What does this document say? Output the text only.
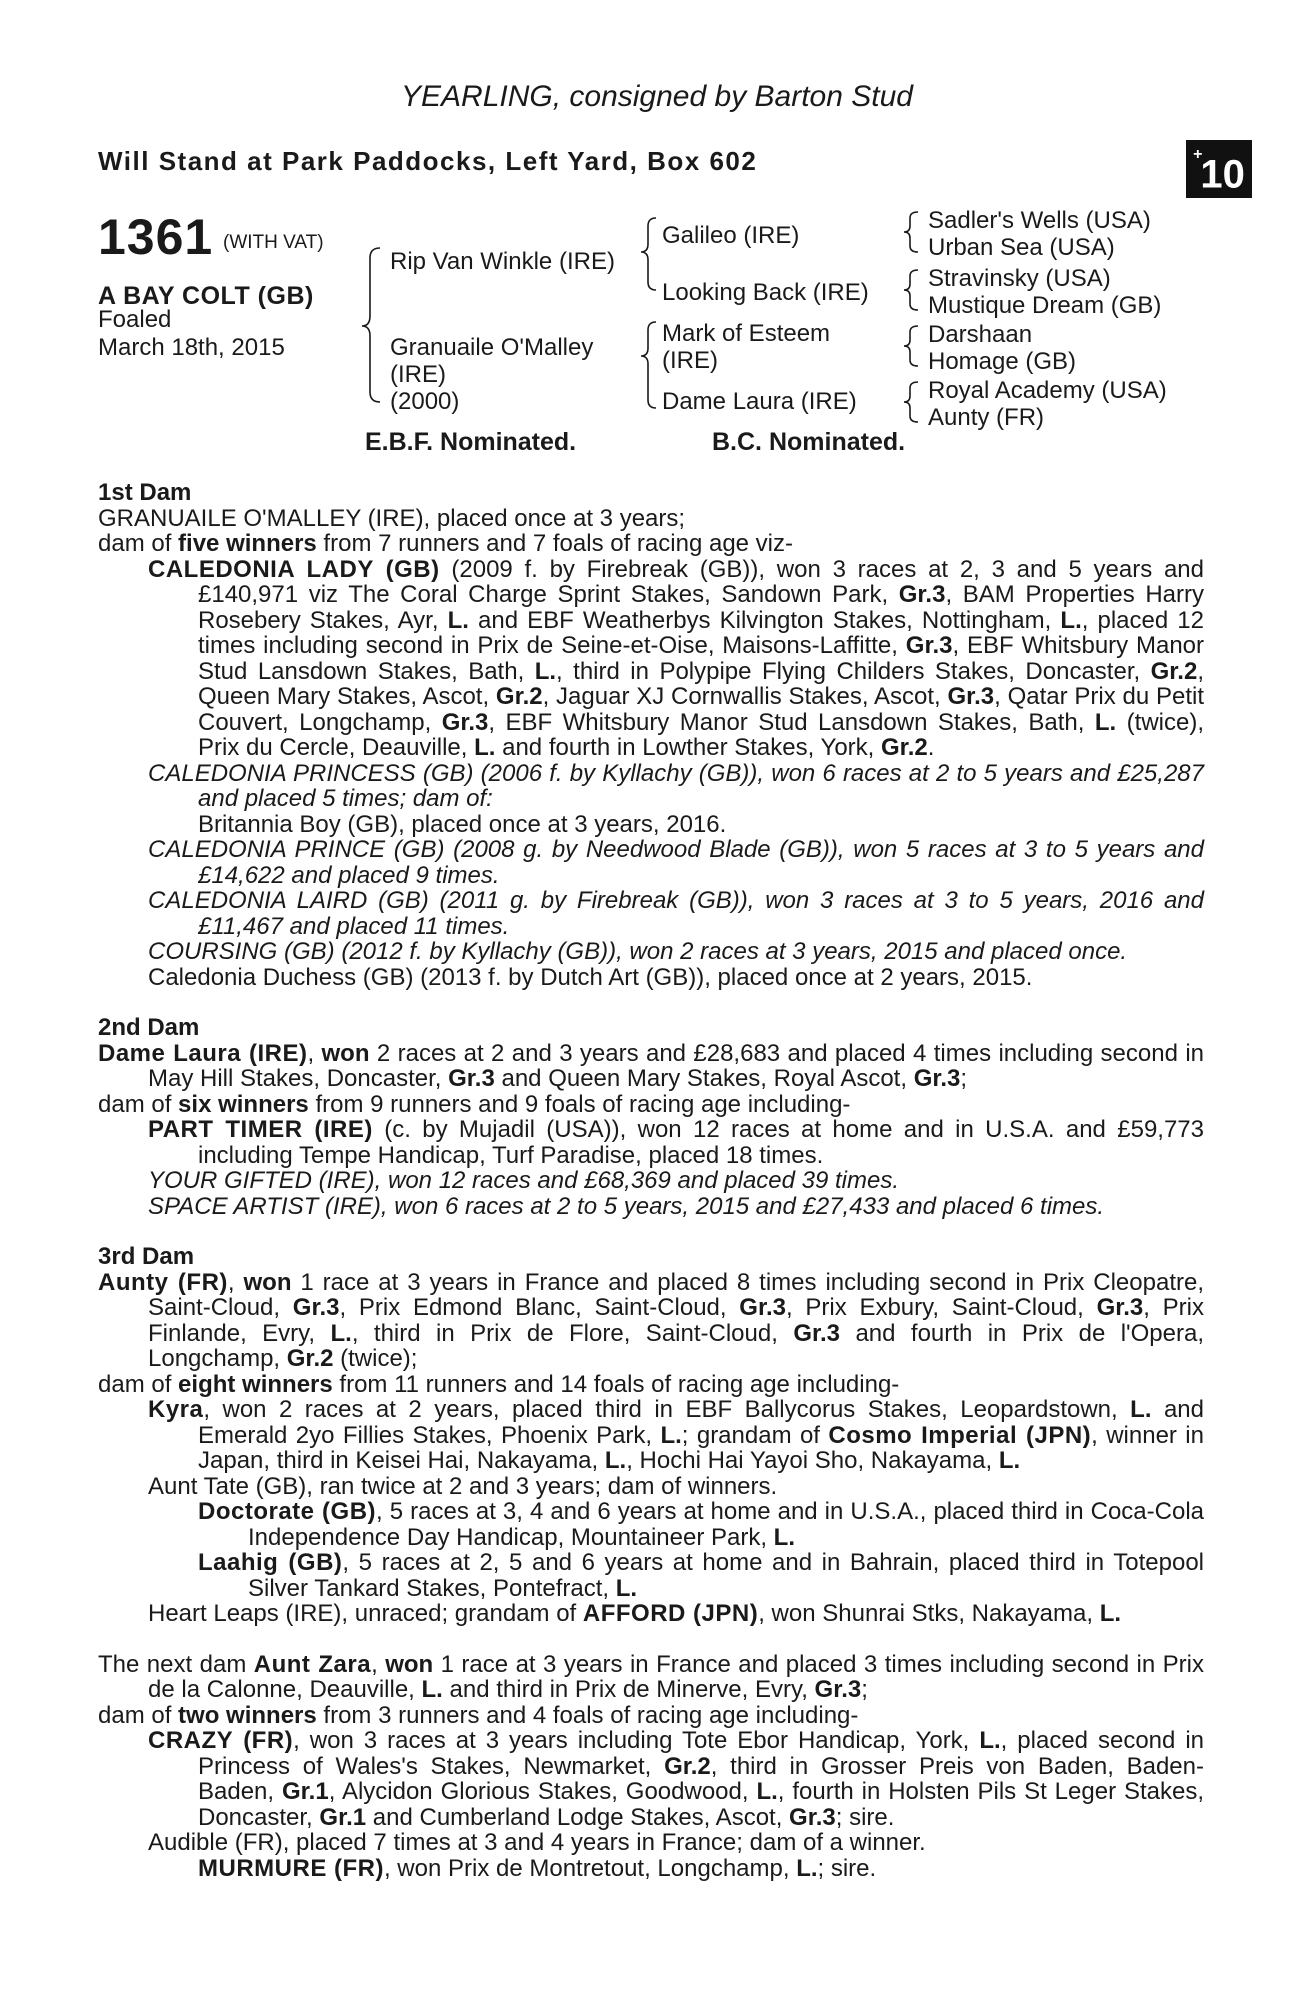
YEARLING, consigned by Barton Stud
Will Stand at Park Paddocks, Left Yard, Box 602	+10
1361 (WITH VAT)
A BAY COLT (GB)
Foaled
March 18th, 2015
Rip Van Winkle (IRE)
Granuaile O'Malley
(IRE)
(2000)
Galileo (IRE)
Looking Back (IRE)
Mark of Esteem
(IRE)
Dame Laura (IRE)
Sadler's Wells (USA)
Urban Sea (USA)
Stravinsky (USA)
Mustique Dream (GB)
Darshaan
Homage (GB)
Royal Academy (USA)
Aunty (FR)
E.B.F. Nominated.	B.C. Nominated.

1st Dam

GRANUAILE O'MALLEY (IRE), placed once at 3 years;

dam of five winners from 7 runners and 7 foals of racing age viz-

CALEDONIA LADY (GB) (2009 f. by Firebreak (GB)), won 3 races at 2, 3 and 5 years and £140,971 viz The Coral Charge Sprint Stakes, Sandown Park, Gr.3, BAM Properties Harry Rosebery Stakes, Ayr, L. and EBF Weatherbys Kilvington Stakes, Nottingham, L., placed 12 times including second in Prix de Seine-et-Oise, Maisons-Laffitte, Gr.3, EBF Whitsbury Manor Stud Lansdown Stakes, Bath, L., third in Polypipe Flying Childers Stakes, Doncaster, Gr.2, Queen Mary Stakes, Ascot, Gr.2, Jaguar XJ Cornwallis Stakes, Ascot, Gr.3, Qatar Prix du Petit Couvert, Longchamp, Gr.3, EBF Whitsbury Manor Stud Lansdown Stakes, Bath, L. (twice), Prix du Cercle, Deauville, L. and fourth in Lowther Stakes, York, Gr.2.

CALEDONIA PRINCESS (GB) (2006 f. by Kyllachy (GB)), won 6 races at 2 to 5 years and £25,287 and placed 5 times; dam of:

Britannia Boy (GB), placed once at 3 years, 2016.

CALEDONIA PRINCE (GB) (2008 g. by Needwood Blade (GB)), won 5 races at 3 to 5 years and £14,622 and placed 9 times.

CALEDONIA LAIRD (GB) (2011 g. by Firebreak (GB)), won 3 races at 3 to 5 years, 2016 and £11,467 and placed 11 times.

COURSING (GB) (2012 f. by Kyllachy (GB)), won 2 races at 3 years, 2015 and placed once.

Caledonia Duchess (GB) (2013 f. by Dutch Art (GB)), placed once at 2 years, 2015.

2nd Dam

Dame Laura (IRE), won 2 races at 2 and 3 years and £28,683 and placed 4 times including second in May Hill Stakes, Doncaster, Gr.3 and Queen Mary Stakes, Royal Ascot, Gr.3;

dam of six winners from 9 runners and 9 foals of racing age including-

PART TIMER (IRE) (c. by Mujadil (USA)), won 12 races at home and in U.S.A. and £59,773 including Tempe Handicap, Turf Paradise, placed 18 times.

YOUR GIFTED (IRE), won 12 races and £68,369 and placed 39 times.

SPACE ARTIST (IRE), won 6 races at 2 to 5 years, 2015 and £27,433 and placed 6 times.

3rd Dam

Aunty (FR), won 1 race at 3 years in France and placed 8 times including second in Prix Cleopatre, Saint-Cloud, Gr.3, Prix Edmond Blanc, Saint-Cloud, Gr.3, Prix Exbury, Saint-Cloud, Gr.3, Prix Finlande, Evry, L., third in Prix de Flore, Saint-Cloud, Gr.3 and fourth in Prix de l'Opera, Longchamp, Gr.2 (twice);

dam of eight winners from 11 runners and 14 foals of racing age including-

Kyra, won 2 races at 2 years, placed third in EBF Ballycorus Stakes, Leopardstown, L. and Emerald 2yo Fillies Stakes, Phoenix Park, L.; grandam of Cosmo Imperial (JPN), winner in Japan, third in Keisei Hai, Nakayama, L., Hochi Hai Yayoi Sho, Nakayama, L.

Aunt Tate (GB), ran twice at 2 and 3 years; dam of winners.

Doctorate (GB), 5 races at 3, 4 and 6 years at home and in U.S.A., placed third in Coca-Cola Independence Day Handicap, Mountaineer Park, L.

Laahig (GB), 5 races at 2, 5 and 6 years at home and in Bahrain, placed third in Totepool Silver Tankard Stakes, Pontefract, L.

Heart Leaps (IRE), unraced; grandam of AFFORD (JPN), won Shunrai Stks, Nakayama, L.

The next dam Aunt Zara, won 1 race at 3 years in France and placed 3 times including second in Prix de la Calonne, Deauville, L. and third in Prix de Minerve, Evry, Gr.3;

dam of two winners from 3 runners and 4 foals of racing age including-

CRAZY (FR), won 3 races at 3 years including Tote Ebor Handicap, York, L., placed second in Princess of Wales's Stakes, Newmarket, Gr.2, third in Grosser Preis von Baden, Baden-Baden, Gr.1, Alycidon Glorious Stakes, Goodwood, L., fourth in Holsten Pils St Leger Stakes, Doncaster, Gr.1 and Cumberland Lodge Stakes, Ascot, Gr.3; sire.

Audible (FR), placed 7 times at 3 and 4 years in France; dam of a winner.

MURMURE (FR), won Prix de Montretout, Longchamp, L.; sire.
